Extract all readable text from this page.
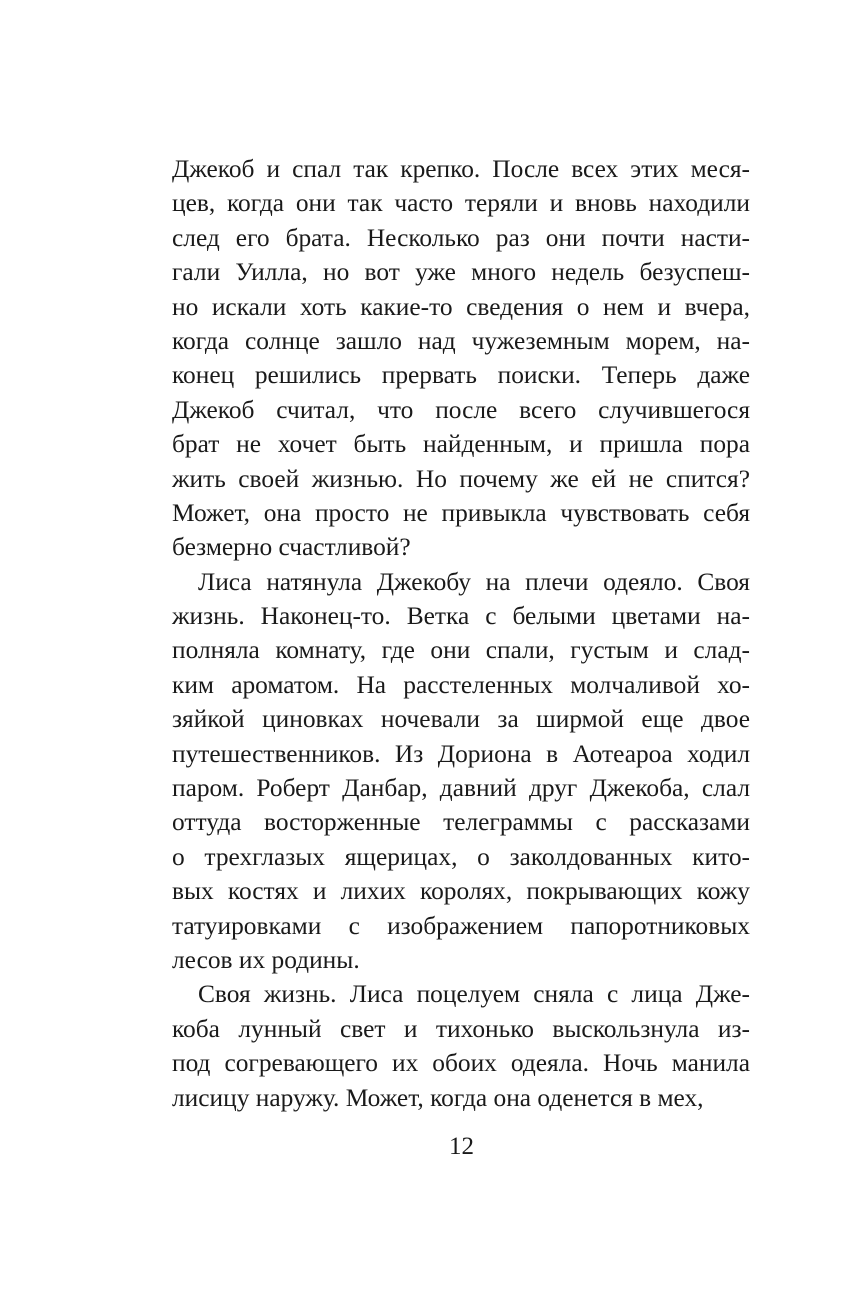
Джекоб и спал так крепко. После всех этих меся-
цев, когда они так часто теряли и вновь находили
след его брата. Несколько раз они почти насти-
гали Уилла, но вот уже много недель безуспеш-
но искали хоть какие-то сведения о нем и вчера,
когда солнце зашло над чужеземным морем, на-
конец решились прервать поиски. Теперь даже
Джекоб считал, что после всего случившегося
брат не хочет быть найденным, и пришла пора
жить своей жизнью. Но почему же ей не спится?
Может, она просто не привыкла чувствовать себя
безмерно счастливой?
Лиса натянула Джекобу на плечи одеяло. Своя
жизнь. Наконец-то. Ветка с белыми цветами на-
полняла комнату, где они спали, густым и слад-
ким ароматом. На расстеленных молчаливой хо-
зяйкой циновках ночевали за ширмой еще двое
путешественников. Из Дориона в Аотеароа ходил
паром. Роберт Данбар, давний друг Джекоба, слал
оттуда восторженные телеграммы с рассказами
о трехглазых ящерицах, о заколдованных кито-
вых костях и лихих королях, покрывающих кожу
татуировками с изображением папоротниковых
лесов их родины.
Своя жизнь. Лиса поцелуем сняла с лица Дже-
коба лунный свет и тихонько выскользнула из-
под согревающего их обоих одеяла. Ночь манила
лисицу наружу. Может, когда она оденется в мех,
12
